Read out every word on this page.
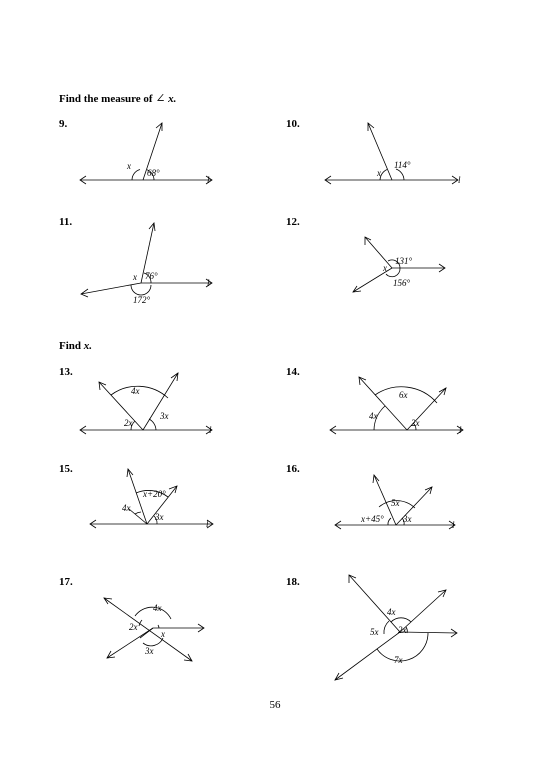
Find the measure of ∠ x.
9.
x
68°
l
10.
x
114°
l
11.
x 76°
172°
l
12.
131°
x
156°
Find x.
13.
4x
3x
2x
l
14.
6x
4x
2x
l
15.
x+20°
4x
3x
l
16.
5x
x+45° 3x
l
17.
4x
2x
x
3x
18.
4x
5x 2x
7x
56
